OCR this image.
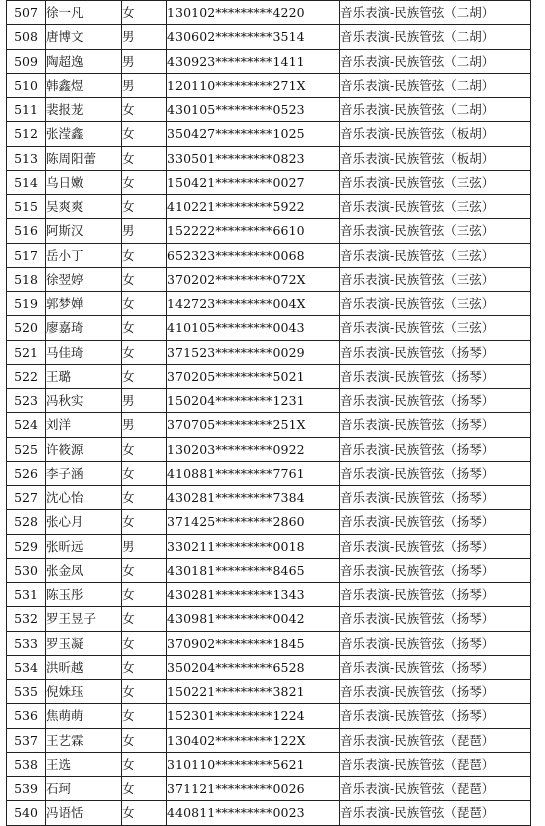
507	徐一凡	女	130102*********4220	音乐表演-民族管弦（二胡）
508	唐博文	男	430602*********3514	音乐表演-民族管弦（二胡）
509	陶超逸	男	430923*********1411	音乐表演-民族管弦（二胡）
510	韩鑫煜	男	120110*********271X	音乐表演-民族管弦（二胡）
511	裴报茏	女	430105*********0523	音乐表演-民族管弦（二胡）
512	张滢鑫	女	350427*********1025	音乐表演-民族管弦（板胡）
513	陈周阳蕾	女	330501*********0823	音乐表演-民族管弦（板胡）
514	乌日嫩	女	150421*********0027	音乐表演-民族管弦（三弦）
515	吴爽爽	女	410221*********5922	音乐表演-民族管弦（三弦）
516	阿斯汉	男	152222*********6610	音乐表演-民族管弦（三弦）
517	岳小丁	女	652323*********0068	音乐表演-民族管弦（三弦）
518	徐翌婷	女	370202*********072X	音乐表演-民族管弦（三弦）
519	郭梦婵	女	142723*********004X	音乐表演-民族管弦（三弦）
520	廖嘉琦	女	410105*********0043	音乐表演-民族管弦（三弦）
521	马佳琦	女	371523*********0029	音乐表演-民族管弦（扬琴）
522	王璐	女	370205*********5021	音乐表演-民族管弦（扬琴）
523	冯秋实	男	150204*********1231	音乐表演-民族管弦（扬琴）
524	刘洋	男	370705*********251X	音乐表演-民族管弦（扬琴）
525	许筱源	女	130203*********0922	音乐表演-民族管弦（扬琴）
526	李子涵	女	410881*********7761	音乐表演-民族管弦（扬琴）
527	沈心怡	女	430281*********7384	音乐表演-民族管弦（扬琴）
528	张心月	女	371425*********2860	音乐表演-民族管弦（扬琴）
529	张昕远	男	330211*********0018	音乐表演-民族管弦（扬琴）
530	张金凤	女	430181*********8465	音乐表演-民族管弦（扬琴）
531	陈玉彤	女	430281*********1343	音乐表演-民族管弦（扬琴）
532	罗王昱子	女	430981*********0042	音乐表演-民族管弦（扬琴）
533	罗玉凝	女	370902*********1845	音乐表演-民族管弦（扬琴）
534	洪昕越	女	350204*********6528	音乐表演-民族管弦（扬琴）
535	倪姝珏	女	150221*********3821	音乐表演-民族管弦（扬琴）
536	焦萌萌	女	152301*********1224	音乐表演-民族管弦（扬琴）
537	王艺霖	女	130402*********122X	音乐表演-民族管弦（琵琶）
538	王选	女	310110*********5621	音乐表演-民族管弦（琵琶）
539	石珂	女	371121*********0026	音乐表演-民族管弦（琵琶）
540	冯语恬	女	440811*********0023	音乐表演-民族管弦（琵琶）
